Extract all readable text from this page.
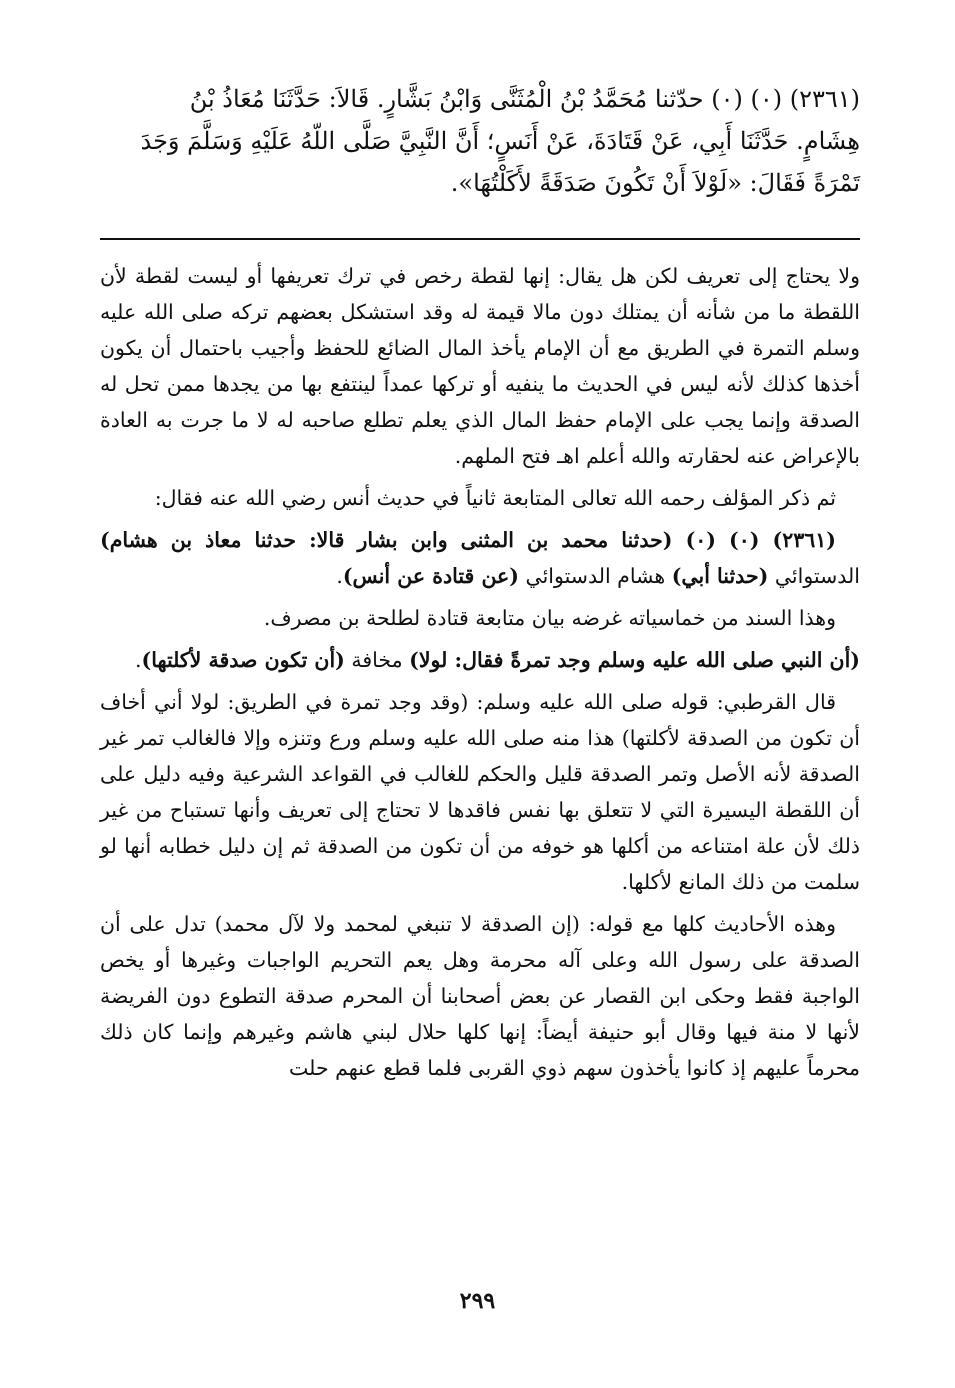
(٢٣٦١) (٠) (٠) حدّثنا مُحَمَّدُ بْنُ الْمُثَنَّى وَابْنُ بَشَّارٍ. قَالاَ: حَدَّثَنَا مُعَاذُ بْنُ
هِشَامٍ. حَدَّثَنَا أَبِي، عَنْ قَتَادَةَ، عَنْ أَنَسٍ؛ أَنَّ النَّبِيَّ صَلَّى اللّهُ عَلَيْهِ وَسَلَّمَ وَجَدَ
تَمْرَةً فَقَالَ: «لَوْلاَ أَنْ تَكُونَ صَدَقَةً لأَكَلْتُهَا».

ولا يحتاج إلى تعريف لكن هل يقال: إنها لقطة رخص في ترك تعريفها أو ليست لقطة لأن اللقطة ما من شأنه أن يمتلك دون مالا قيمة له وقد استشكل بعضهم تركه صلى الله عليه وسلم التمرة في الطريق مع أن الإمام يأخذ المال الضائع للحفظ وأجيب باحتمال أن يكون أخذها كذلك لأنه ليس في الحديث ما ينفيه أو تركها عمداً لينتفع بها من يجدها ممن تحل له الصدقة وإنما يجب على الإمام حفظ المال الذي يعلم تطلع صاحبه له لا ما جرت به العادة بالإعراض عنه لحقارته والله أعلم اهـ فتح الملهم.

ثم ذكر المؤلف رحمه الله تعالى المتابعة ثانياً في حديث أنس رضي الله عنه فقال:

(٢٣٦١) (٠) (٠) (حدثنا محمد بن المثنى وابن بشار قالا: حدثنا معاذ بن هشام) الدستوائي (حدثنا أبي) هشام الدستوائي (عن قتادة عن أنس).

وهذا السند من خماسياته غرضه بيان متابعة قتادة لطلحة بن مصرف.

(أن النبي صلى الله عليه وسلم وجد تمرةً فقال: لولا) مخافة (أن تكون صدقة لأكلتها).

قال القرطبي: قوله صلى الله عليه وسلم: (وقد وجد تمرة في الطريق: لولا أني أخاف أن تكون من الصدقة لأكلتها) هذا منه صلى الله عليه وسلم ورع وتنزه وإلا فالغالب تمر غير الصدقة لأنه الأصل وتمر الصدقة قليل والحكم للغالب في القواعد الشرعية وفيه دليل على أن اللقطة اليسيرة التي لا تتعلق بها نفس فاقدها لا تحتاج إلى تعريف وأنها تستباح من غير ذلك لأن علة امتناعه من أكلها هو خوفه من أن تكون من الصدقة ثم إن دليل خطابه أنها لو سلمت من ذلك المانع لأكلها.

وهذه الأحاديث كلها مع قوله: (إن الصدقة لا تنبغي لمحمد ولا لآل محمد) تدل على أن الصدقة على رسول الله وعلى آله محرمة وهل يعم التحريم الواجبات وغيرها أو يخص الواجبة فقط وحكى ابن القصار عن بعض أصحابنا أن المحرم صدقة التطوع دون الفريضة لأنها لا منة فيها وقال أبو حنيفة أيضاً: إنها كلها حلال لبني هاشم وغيرهم وإنما كان ذلك محرماً عليهم إذ كانوا يأخذون سهم ذوي القربى فلما قطع عنهم حلت

٢٩٩
